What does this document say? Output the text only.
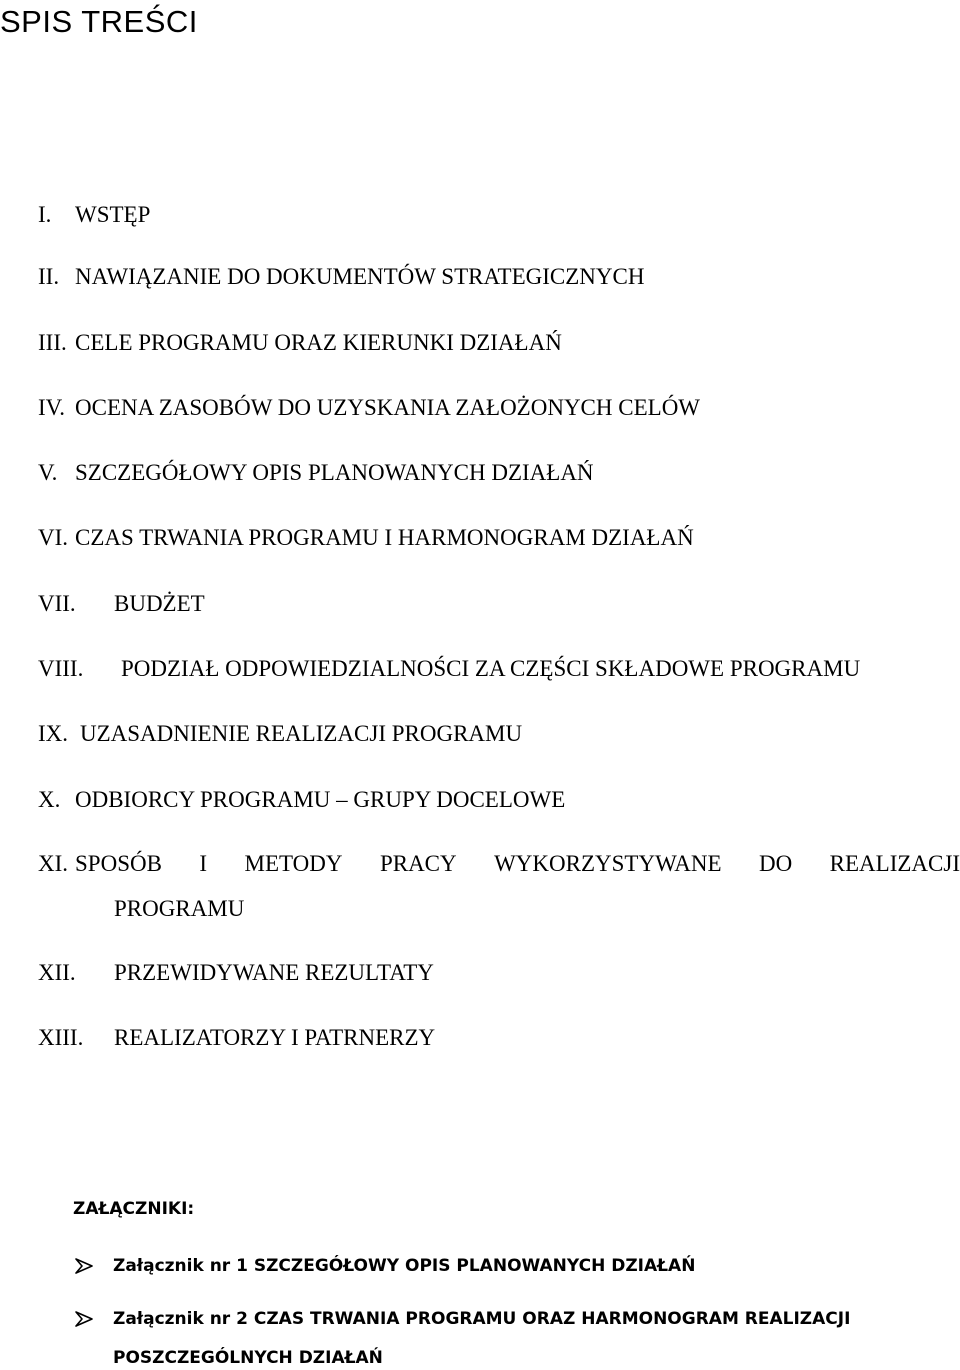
SPIS TREŚCI
I. WSTĘP
II. NAWIĄZANIE DO DOKUMENTÓW STRATEGICZNYCH
III. CELE PROGRAMU ORAZ KIERUNKI DZIAŁAŃ
IV. OCENA ZASOBÓW DO UZYSKANIA ZAŁOŻONYCH CELÓW
V. SZCZEGÓŁOWY OPIS PLANOWANYCH DZIAŁAŃ
VI. CZAS TRWANIA PROGRAMU I HARMONOGRAM DZIAŁAŃ
VII. BUDŻET
VIII. PODZIAŁ ODPOWIEDZIALNOŚCI ZA CZĘŚCI SKŁADOWE PROGRAMU
IX. UZASADNIENIE REALIZACJI PROGRAMU
X. ODBIORCY PROGRAMU – GRUPY DOCELOWE
XI. SPOSÓB I METODY PRACY WYKORZYSTYWANE DO REALIZACJI
PROGRAMU
XII. PRZEWIDYWANE REZULTATY
XIII. REALIZATORZY I PATRNERZY
ZAŁĄCZNIKI:
Załącznik nr 1 SZCZEGÓŁOWY OPIS PLANOWANYCH DZIAŁAŃ
Załącznik nr 2 CZAS TRWANIA PROGRAMU ORAZ HARMONOGRAM REALIZACJI
POSZCZEGÓLNYCH DZIAŁAŃ
